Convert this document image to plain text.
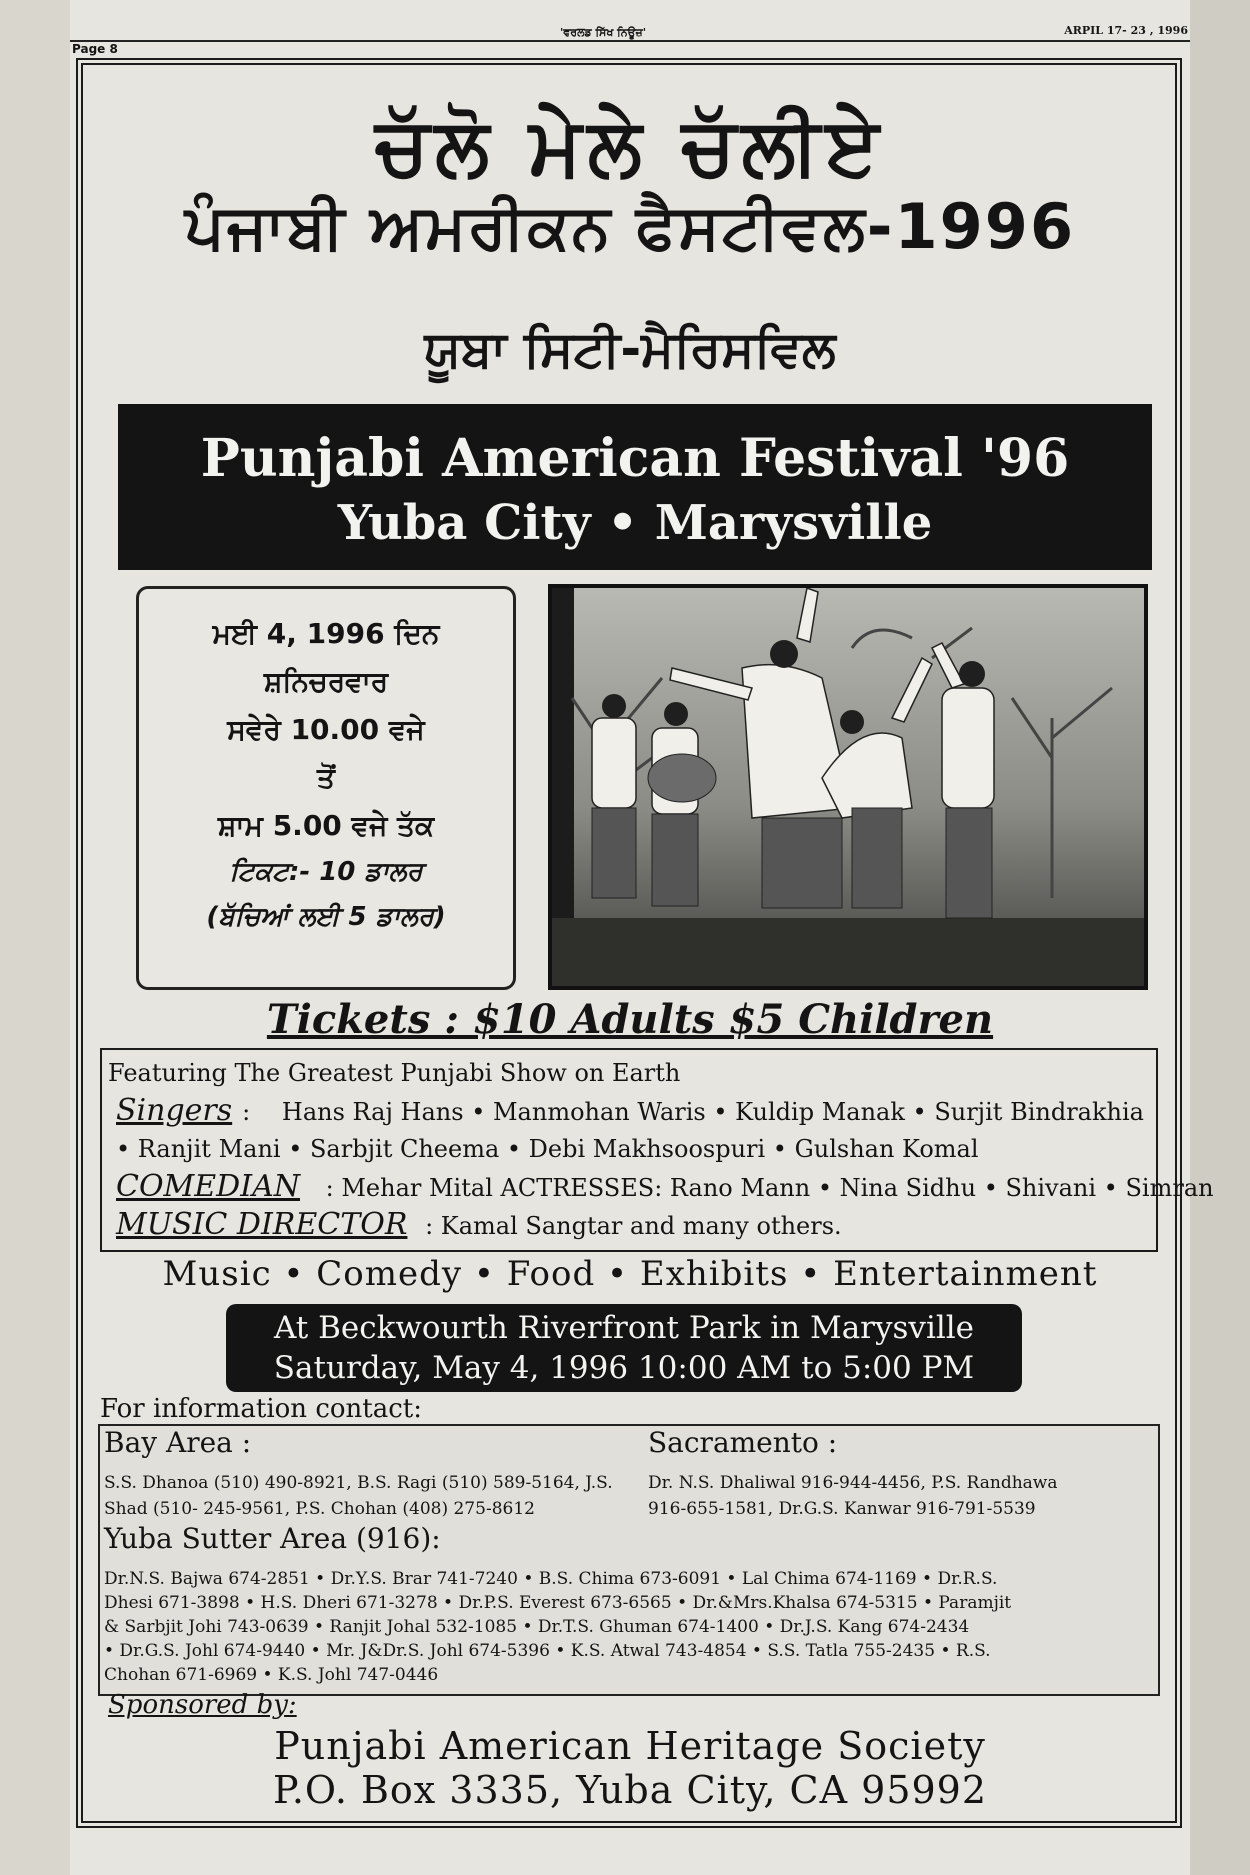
Page 8
'ਵਰਲਡ ਸਿੱਖ ਨਿਊਜ਼'	ARPIL 17- 23 , 1996
ਚੱਲੋ ਮੇਲੇ ਚੱਲੀਏ
ਪੰਜਾਬੀ ਅਮਰੀਕਨ ਫੈਸਟੀਵਲ-1996
ਯੂਬਾ ਸਿਟੀ-ਮੈਰਿਸਵਿਲ
Punjabi American Festival '96
Yuba City • Marysville
ਮਈ 4, 1996 ਦਿਨ
ਸ਼ਨਿਚਰਵਾਰ
ਸਵੇਰੇ 10.00 ਵਜੇ
ਤੋਂ
ਸ਼ਾਮ 5.00 ਵਜੇ ਤੱਕ
ਟਿਕਟ:- 10 ਡਾਲਰ
(ਬੱਚਿਆਂ ਲਈ 5 ਡਾਲਰ)
Tickets : $10 Adults $5 Children
Featuring The Greatest Punjabi Show on Earth
Singers : Hans Raj Hans • Manmohan Waris • Kuldip Manak • Surjit Bindrakhia
• Ranjit Mani • Sarbjit Cheema • Debi Makhsoospuri • Gulshan Komal
COMEDIAN : Mehar Mital ACTRESSES: Rano Mann • Nina Sidhu • Shivani • Simran
MUSIC DIRECTOR : Kamal Sangtar and many others.
Music • Comedy • Food • Exhibits • Entertainment
At Beckwourth Riverfront Park in Marysville
Saturday, May 4, 1996 10:00 AM to 5:00 PM
For information contact:
Bay Area :
S.S. Dhanoa (510) 490-8921, B.S. Ragi (510) 589-5164, J.S.
Shad (510- 245-9561, P.S. Chohan (408) 275-8612
Sacramento :
Dr. N.S. Dhaliwal 916-944-4456, P.S. Randhawa
916-655-1581, Dr.G.S. Kanwar 916-791-5539
Yuba Sutter Area (916):
Dr.N.S. Bajwa 674-2851 • Dr.Y.S. Brar 741-7240 • B.S. Chima 673-6091 • Lal Chima 674-1169 • Dr.R.S.
Dhesi 671-3898 • H.S. Dheri 671-3278 • Dr.P.S. Everest 673-6565 • Dr.&Mrs.Khalsa 674-5315 • Paramjit
& Sarbjit Johi 743-0639 • Ranjit Johal 532-1085 • Dr.T.S. Ghuman 674-1400 • Dr.J.S. Kang 674-2434
• Dr.G.S. Johl 674-9440 • Mr. J&Dr.S. Johl 674-5396 • K.S. Atwal 743-4854 • S.S. Tatla 755-2435 • R.S.
Chohan 671-6969 • K.S. Johl 747-0446
Sponsored by:
Punjabi American Heritage Society
P.O. Box 3335, Yuba City, CA 95992
